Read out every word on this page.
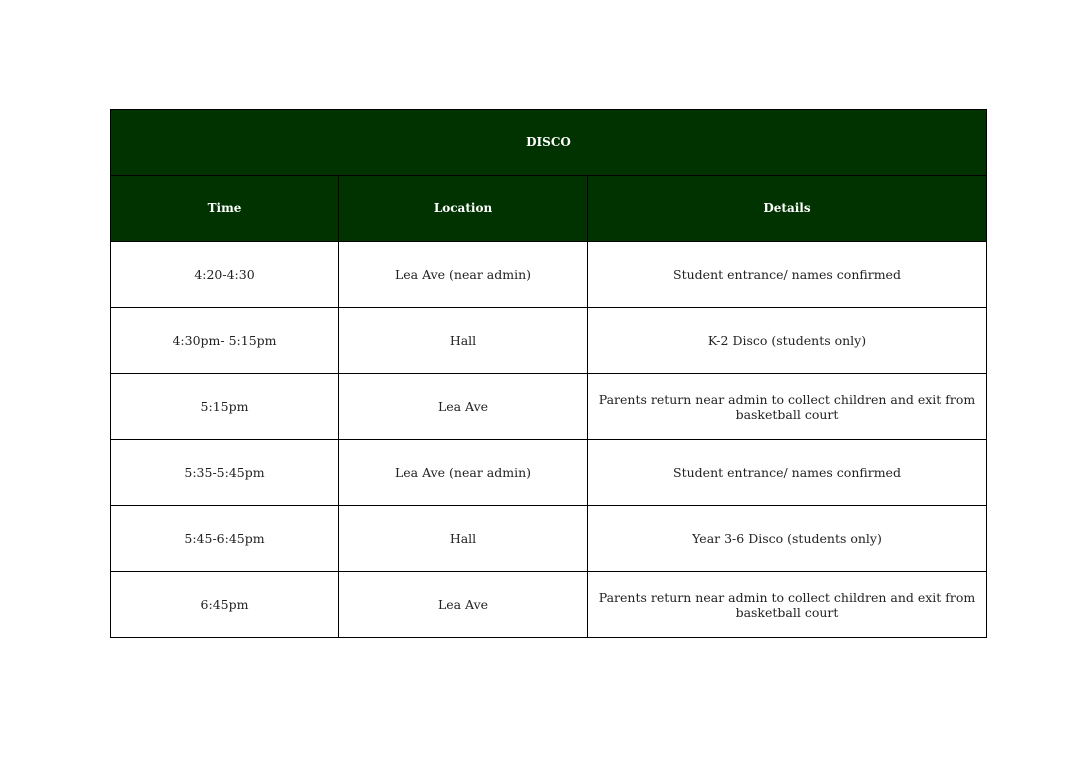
DISCO		
Time	Location	Details
4:20-4:30	Lea Ave (near admin)	Student entrance/ names confirmed
4:30pm- 5:15pm	Hall	K-2 Disco (students only)
5:15pm	Lea Ave	Parents return near admin to collect children and exit from basketball court
5:35-5:45pm	Lea Ave (near admin)	Student entrance/ names confirmed
5:45-6:45pm	Hall	Year 3-6 Disco (students only)
6:45pm	Lea Ave	Parents return near admin to collect children and exit from basketball court
